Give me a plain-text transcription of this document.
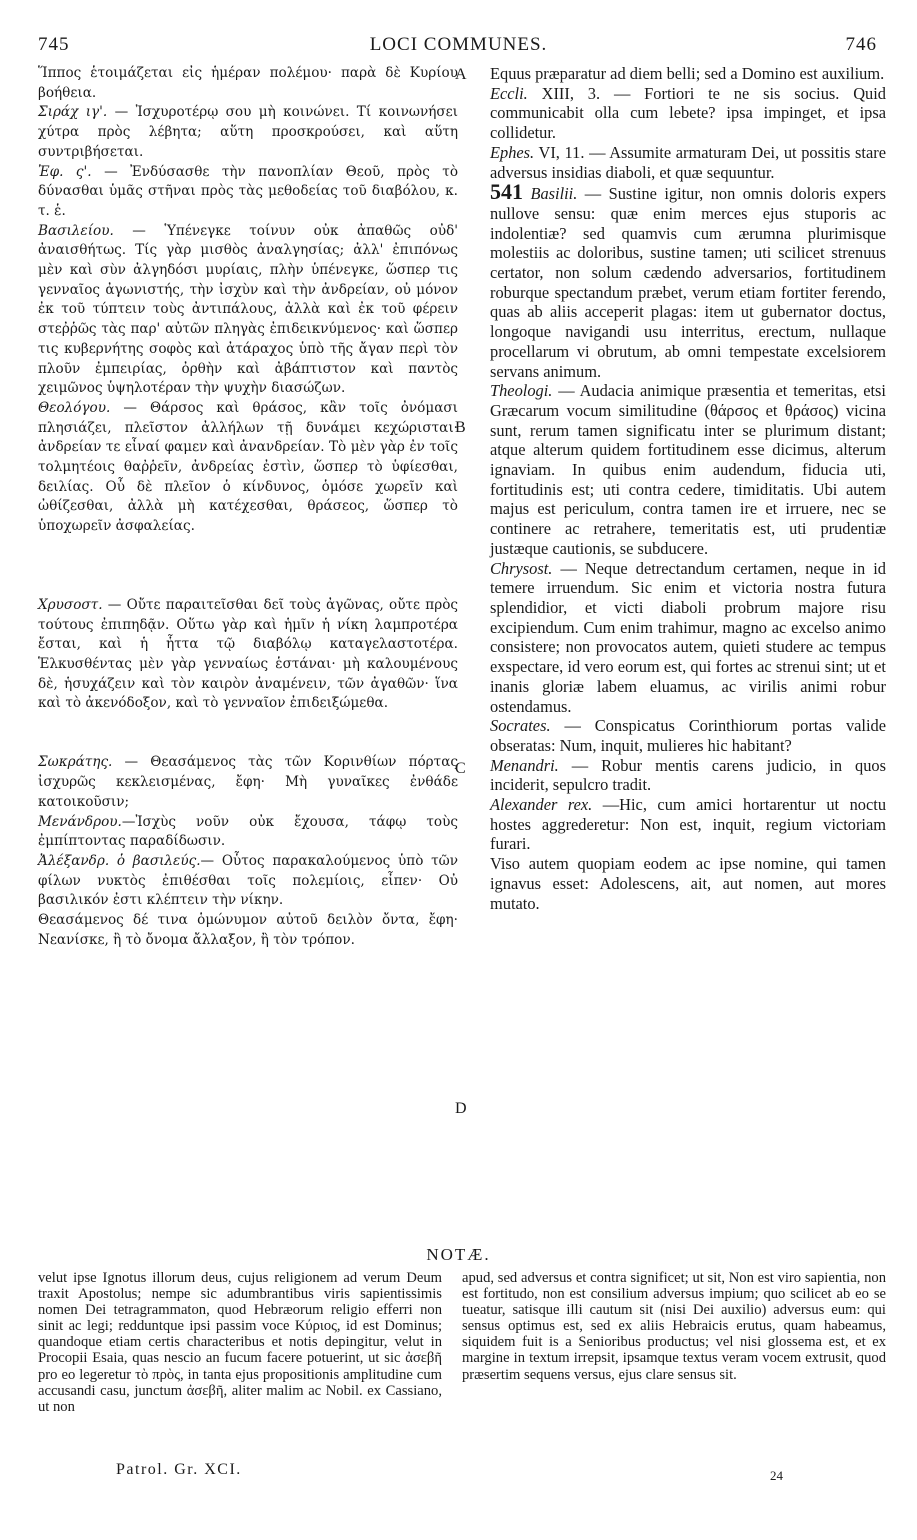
745	LOCI COMMUNES.	746

Ἵππος ἑτοιμάζεται εἰς ἡμέραν πολέμου· παρὰ δὲ Κυρίου βοήθεια.

Σιράχ ιγ'. — Ἰσχυροτέρῳ σου μὴ κοινώνει. Τί κοινωνήσει χύτρα πρὸς λέβητα; αὕτη προσκρούσει, καὶ αὕτη συντριβήσεται.

Ἐφ. ς'. — Ἐνδύσασθε τὴν πανοπλίαν Θεοῦ, πρὸς τὸ δύνασθαι ὑμᾶς στῆναι πρὸς τὰς μεθοδείας τοῦ διαβόλου, κ. τ. ἑ.

Βασιλείου. — Ὑπένεγκε τοίνυν οὐκ ἀπαθῶς οὐδ' ἀναισθήτως. Τίς γὰρ μισθὸς ἀναλγησίας; ἀλλ' ἐπιπόνως μὲν καὶ σὺν ἀλγηδόσι μυρίαις, πλὴν ὑπένεγκε, ὥσπερ τις γενναῖος ἀγωνιστής, τὴν ἰσχὺν καὶ τὴν ἀνδρείαν, οὐ μόνον ἐκ τοῦ τύπτειν τοὺς ἀντιπάλους, ἀλλὰ καὶ ἐκ τοῦ φέρειν στεῤῥῶς τὰς παρ' αὐτῶν πληγὰς ἐπιδεικνύμενος· καὶ ὥσπερ τις κυβερνήτης σοφὸς καὶ ἀτάραχος ὑπὸ τῆς ἄγαν περὶ τὸν πλοῦν ἐμπειρίας, ὀρθὴν καὶ ἀβάπτιστον καὶ παντὸς χειμῶνος ὑψηλοτέραν τὴν ψυχὴν διασώζων.

Θεολόγου. — Θάρσος καὶ θράσος, κἂν τοῖς ὀνόμασι πλησιάζει, πλεῖστον ἀλλήλων τῇ δυνάμει κεχώρισται· ἀνδρείαν τε εἶναί φαμεν καὶ ἀνανδρείαν. Τὸ μὲν γὰρ ἐν τοῖς τολμητέοις θαῤῥεῖν, ἀνδρείας ἐστὶν, ὥσπερ τὸ ὑφίεσθαι, δειλίας. Οὗ δὲ πλεῖον ὁ κίνδυνος, ὁμόσε χωρεῖν καὶ ὠθίζεσθαι, ἀλλὰ μὴ κατέχεσθαι, θράσεος, ὥσπερ τὸ ὑποχωρεῖν ἀσφαλείας.

Χρυσοστ. — Οὔτε παραιτεῖσθαι δεῖ τοὺς ἀγῶνας, οὔτε πρὸς τούτους ἐπιπηδᾷν. Οὕτω γὰρ καὶ ἡμῖν ἡ νίκη λαμπροτέρα ἔσται, καὶ ἡ ἧττα τῷ διαβόλῳ καταγελαστοτέρα. Ἑλκυσθέντας μὲν γὰρ γενναίως ἑστάναι· μὴ καλουμένους δὲ, ἡσυχάζειν καὶ τὸν καιρὸν ἀναμένειν, τῶν ἀγαθῶν· ἵνα καὶ τὸ ἀκενόδοξον, καὶ τὸ γενναῖον ἐπιδειξώμεθα.

Σωκράτης. — Θεασάμενος τὰς τῶν Κορινθίων πόρτας ἰσχυρῶς κεκλεισμένας, ἔφη· Μὴ γυναῖκες ἐνθάδε κατοικοῦσιν;

Μενάνδρου.—Ἰσχὺς νοῦν οὐκ ἔχουσα, τάφῳ τοὺς ἐμπίπτοντας παραδίδωσιν.

Ἀλέξανδρ. ὁ βασιλεύς.— Οὗτος παρακαλούμενος ὑπὸ τῶν φίλων νυκτὸς ἐπιθέσθαι τοῖς πολεμίοις, εἶπεν· Οὐ βασιλικόν ἐστι κλέπτειν τὴν νίκην.

Θεασάμενος δέ τινα ὁμώνυμον αὐτοῦ δειλὸν ὄντα, ἔφη· Νεανίσκε, ἢ τὸ ὄνομα ἄλλαξον, ἢ τὸν τρόπον.

A
B
C
D

Equus præparatur ad diem belli; sed a Domino est auxilium.

Eccli. XIII, 3. — Fortiori te ne sis socius. Quid communicabit olla cum lebete? ipsa impinget, et ipsa collidetur.

Ephes. VI, 11. — Assumite armaturam Dei, ut possitis stare adversus insidias diaboli, et quæ sequuntur.

541 Basilii. — Sustine igitur, non omnis doloris expers nullove sensu: quæ enim merces ejus stuporis ac indolentiæ? sed quamvis cum ærumna plurimisque molestiis ac doloribus, sustine tamen; uti scilicet strenuus certator, non solum cædendo adversarios, fortitudinem roburque spectandum præbet, verum etiam fortiter ferendo, quas ab aliis acceperit plagas: item ut gubernator doctus, longoque navigandi usu interritus, erectum, nullaque procellarum vi obrutum, ab omni tempestate excelsiorem servans animum.

Theologi. — Audacia animique præsentia et temeritas, etsi Græcarum vocum similitudine (θάρσος et θράσος) vicina sunt, rerum tamen significatu inter se plurimum distant; atque alterum quidem fortitudinem esse dicimus, alterum ignaviam. In quibus enim audendum, fiducia uti, fortitudinis est; uti contra cedere, timiditatis. Ubi autem majus est periculum, contra tamen ire et irruere, nec se continere ac retrahere, temeritatis est, uti prudentiæ justæque cautionis, se subducere.

Chrysost. — Neque detrectandum certamen, neque in id temere irruendum. Sic enim et victoria nostra futura splendidior, et victi diaboli probrum majore risu excipiendum. Cum enim trahimur, magno ac excelso animo consistere; non provocatos autem, quieti studere ac tempus exspectare, id vero eorum est, qui fortes ac strenui sint; ut et inanis gloriæ labem eluamus, ac virilis animi robur ostendamus.

Socrates. — Conspicatus Corinthiorum portas valide obseratas: Num, inquit, mulieres hic habitant?

Menandri. — Robur mentis carens judicio, in quos inciderit, sepulcro tradit.

Alexander rex. —Hic, cum amici hortarentur ut noctu hostes aggrederetur: Non est, inquit, regium victoriam furari.

Viso autem quopiam eodem ac ipse nomine, qui tamen ignavus esset: Adolescens, ait, aut nomen, aut mores mutato.

NOTÆ.

velut ipse Ignotus illorum deus, cujus religionem ad verum Deum traxit Apostolus; nempe sic adumbrantibus viris sapientissimis nomen Dei tetragrammaton, quod Hebræorum religio efferri non sinit ac legi; redduntque ipsi passim voce Κύριος, id est Dominus; quandoque etiam certis characteribus et notis depingitur, velut in Procopii Esaia, quas nescio an fucum facere potuerint, ut sic ἀσεβῆ pro eo legeretur τὸ πρὸς, in tanta ejus propositionis amplitudine cum accusandi casu, junctum ἀσεβῆ, aliter malim ac Nobil. ex Cassiano, ut non

apud, sed adversus et contra significet; ut sit, Non est viro sapientia, non est fortitudo, non est consilium adversus impium; quo scilicet ab eo se tueatur, satisque illi cautum sit (nisi Dei auxilio) adversus eum: qui sensus optimus est, sed ex aliis Hebraicis erutus, quam habeamus, siquidem fuit is a Senioribus productus; vel nisi glossema est, et ex margine in textum irrepsit, ipsamque textus veram vocem extrusit, quod præsertim sequens versus, ejus clare sensus sit.

Patrol. Gr. XCI.	24
